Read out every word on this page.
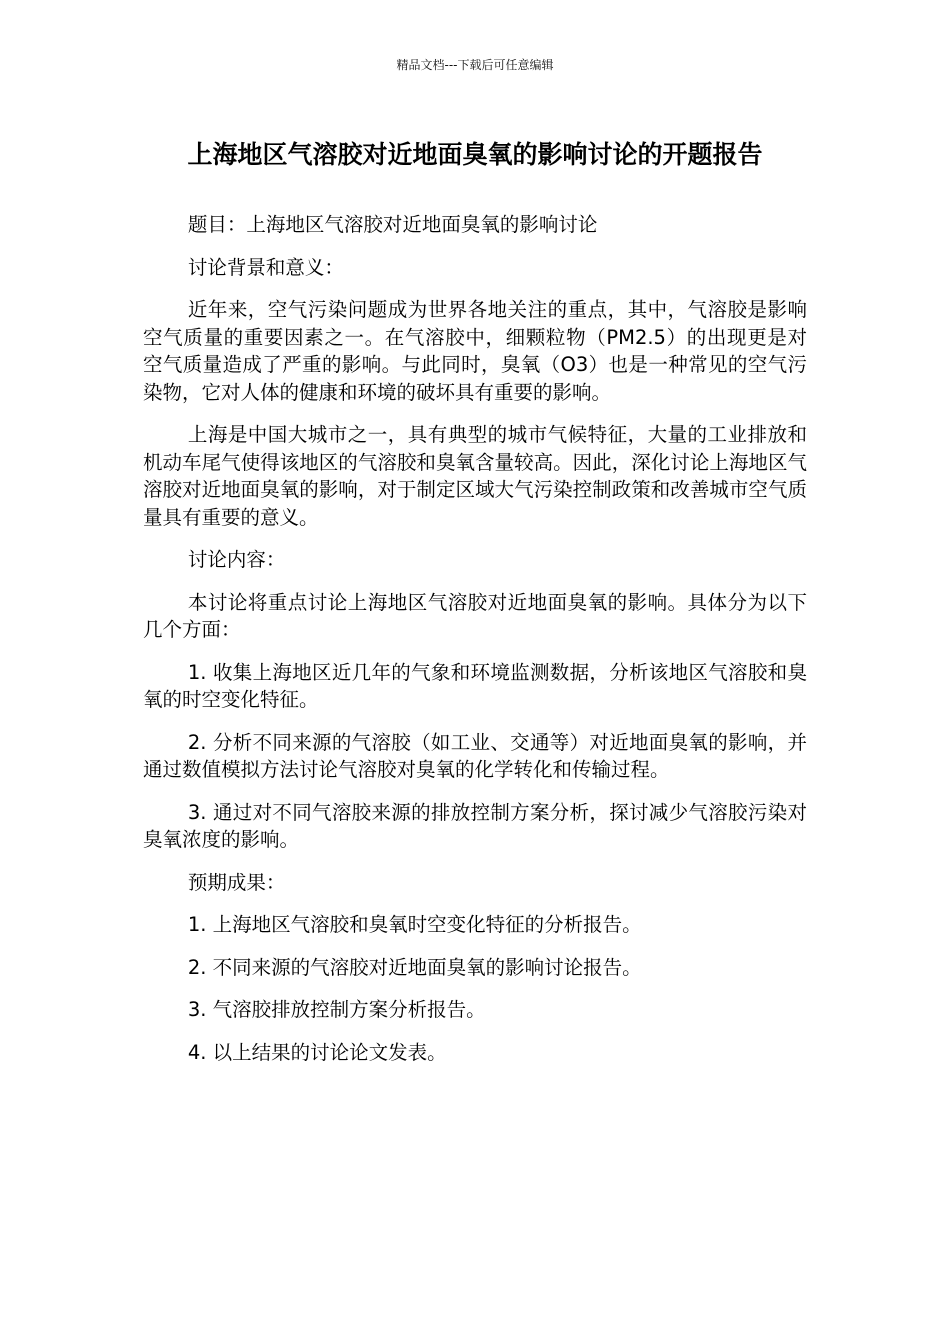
精品文档---下载后可任意编辑
上海地区气溶胶对近地面臭氧的影响讨论的开题报告

题目：上海地区气溶胶对近地面臭氧的影响讨论

讨论背景和意义：

近年来，空气污染问题成为世界各地关注的重点，其中，气溶胶是影响空气质量的重要因素之一。在气溶胶中，细颗粒物（PM2.5）的出现更是对空气质量造成了严重的影响。与此同时，臭氧（O3）也是一种常见的空气污染物，它对人体的健康和环境的破坏具有重要的影响。

上海是中国大城市之一，具有典型的城市气候特征，大量的工业排放和机动车尾气使得该地区的气溶胶和臭氧含量较高。因此，深化讨论上海地区气溶胶对近地面臭氧的影响，对于制定区域大气污染控制政策和改善城市空气质量具有重要的意义。

讨论内容：

本讨论将重点讨论上海地区气溶胶对近地面臭氧的影响。具体分为以下几个方面：

1. 收集上海地区近几年的气象和环境监测数据，分析该地区气溶胶和臭氧的时空变化特征。

2. 分析不同来源的气溶胶（如工业、交通等）对近地面臭氧的影响，并通过数值模拟方法讨论气溶胶对臭氧的化学转化和传输过程。

3. 通过对不同气溶胶来源的排放控制方案分析，探讨减少气溶胶污染对臭氧浓度的影响。

预期成果：

1. 上海地区气溶胶和臭氧时空变化特征的分析报告。

2. 不同来源的气溶胶对近地面臭氧的影响讨论报告。

3. 气溶胶排放控制方案分析报告。

4. 以上结果的讨论论文发表。
